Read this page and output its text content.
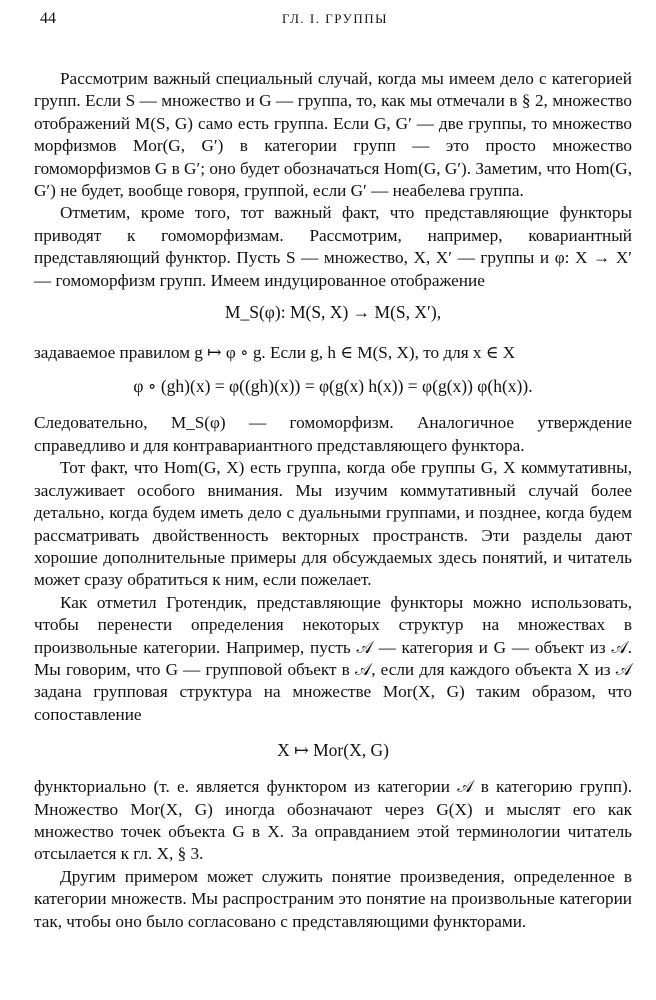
44	ГЛ. I. ГРУППЫ

Рассмотрим важный специальный случай, когда мы имеем дело с категорией групп. Если S — множество и G — группа, то, как мы отмечали в § 2, множество отображений M(S, G) само есть группа. Если G, G′ — две группы, то множество морфизмов Mor(G, G′) в категории групп — это просто множество гомоморфизмов G в G′; оно будет обозначаться Hom(G, G′). Заметим, что Hom(G, G′) не будет, вообще говоря, группой, если G′ — неабелева группа.

Отметим, кроме того, тот важный факт, что представляющие функторы приводят к гомоморфизмам. Рассмотрим, например, ковариантный представляющий функтор. Пусть S — множество, X, X′ — группы и φ: X → X′ — гомоморфизм групп. Имеем индуцированное отображение

M_S(φ): M(S, X) → M(S, X′),

задаваемое правилом g ↦ φ ∘ g. Если g, h ∈ M(S, X), то для x ∈ X

φ ∘ (gh)(x) = φ((gh)(x)) = φ(g(x) h(x)) = φ(g(x)) φ(h(x)).

Следовательно, M_S(φ) — гомоморфизм. Аналогичное утверждение справедливо и для контравариантного представляющего функтора.

Тот факт, что Hom(G, X) есть группа, когда обе группы G, X коммутативны, заслуживает особого внимания. Мы изучим коммутативный случай более детально, когда будем иметь дело с дуальными группами, и позднее, когда будем рассматривать двойственность векторных пространств. Эти разделы дают хорошие дополнительные примеры для обсуждаемых здесь понятий, и читатель может сразу обратиться к ним, если пожелает.

Как отметил Гротендик, представляющие функторы можно использовать, чтобы перенести определения некоторых структур на множествах в произвольные категории. Например, пусть 𝒜 — категория и G — объект из 𝒜. Мы говорим, что G — групповой объект в 𝒜, если для каждого объекта X из 𝒜 задана групповая структура на множестве Mor(X, G) таким образом, что сопоставление

X ↦ Mor(X, G)

функториально (т. е. является функтором из категории 𝒜 в категорию групп). Множество Mor(X, G) иногда обозначают через G(X) и мыслят его как множество точек объекта G в X. За оправданием этой терминологии читатель отсылается к гл. X, § 3.

Другим примером может служить понятие произведения, определенное в категории множеств. Мы распространим это понятие на произвольные категории так, чтобы оно было согласовано с представляющими функторами.
